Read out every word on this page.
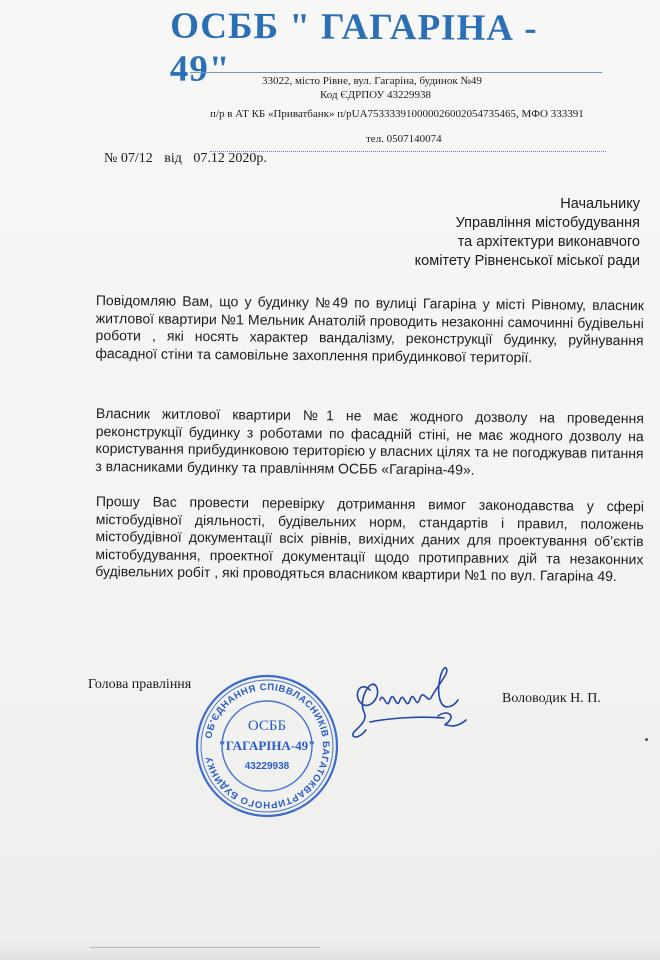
ОСББ " ГАГАРІНА - 49"	33022, місто Рівне, вул. Гагаріна, будинок №49
Код ЄДРПОУ 43229938
п/р в АТ КБ «Приватбанк» п/рUA753333910000026002054735465, МФО 333391
тел. 0507140074
№ 07/12 від 07.12 2020р.
Начальнику
Управління містобудування
та архітектури виконавчого
комітету Рівненської міської ради
Повідомляю Вам, що у будинку №49 по вулиці Гагаріна у місті Рівному, власник житлової квартири №1 Мельник Анатолій проводить незаконні самочинні будівельні роботи , які носять характер вандалізму, реконструкції будинку, руйнування фасадної стіни та самовільне захоплення прибудинкової території.
Власник житлової квартири №1 не має жодного дозволу на проведення реконструкції будинку з роботами по фасадній стіні, не має жодного дозволу на користування прибудинковою територією у власних цілях та не погоджував питання з власниками будинку та правлінням ОСББ «Гагаріна-49».
Прошу Вас провести перевірку дотримання вимог законодавства у сфері містобудівної діяльності, будівельних норм, стандартів і правил, положень містобудівної документації всіх рівнів, вихідних даних для проектування об’єктів містобудування, проектної документації щодо протиправних дій та незаконних будівельних робіт , які проводяться власником квартири №1 по вул. Гагаріна 49.
Голова правління
ОБ'ЄДНАННЯ СПІВВЛАСНИКІВ БАГАТОКВАРТИРНОГО БУДИНКУ
ОСББ
"ГАГАРІНА-49"
43229938
Воловодик Н. П.
